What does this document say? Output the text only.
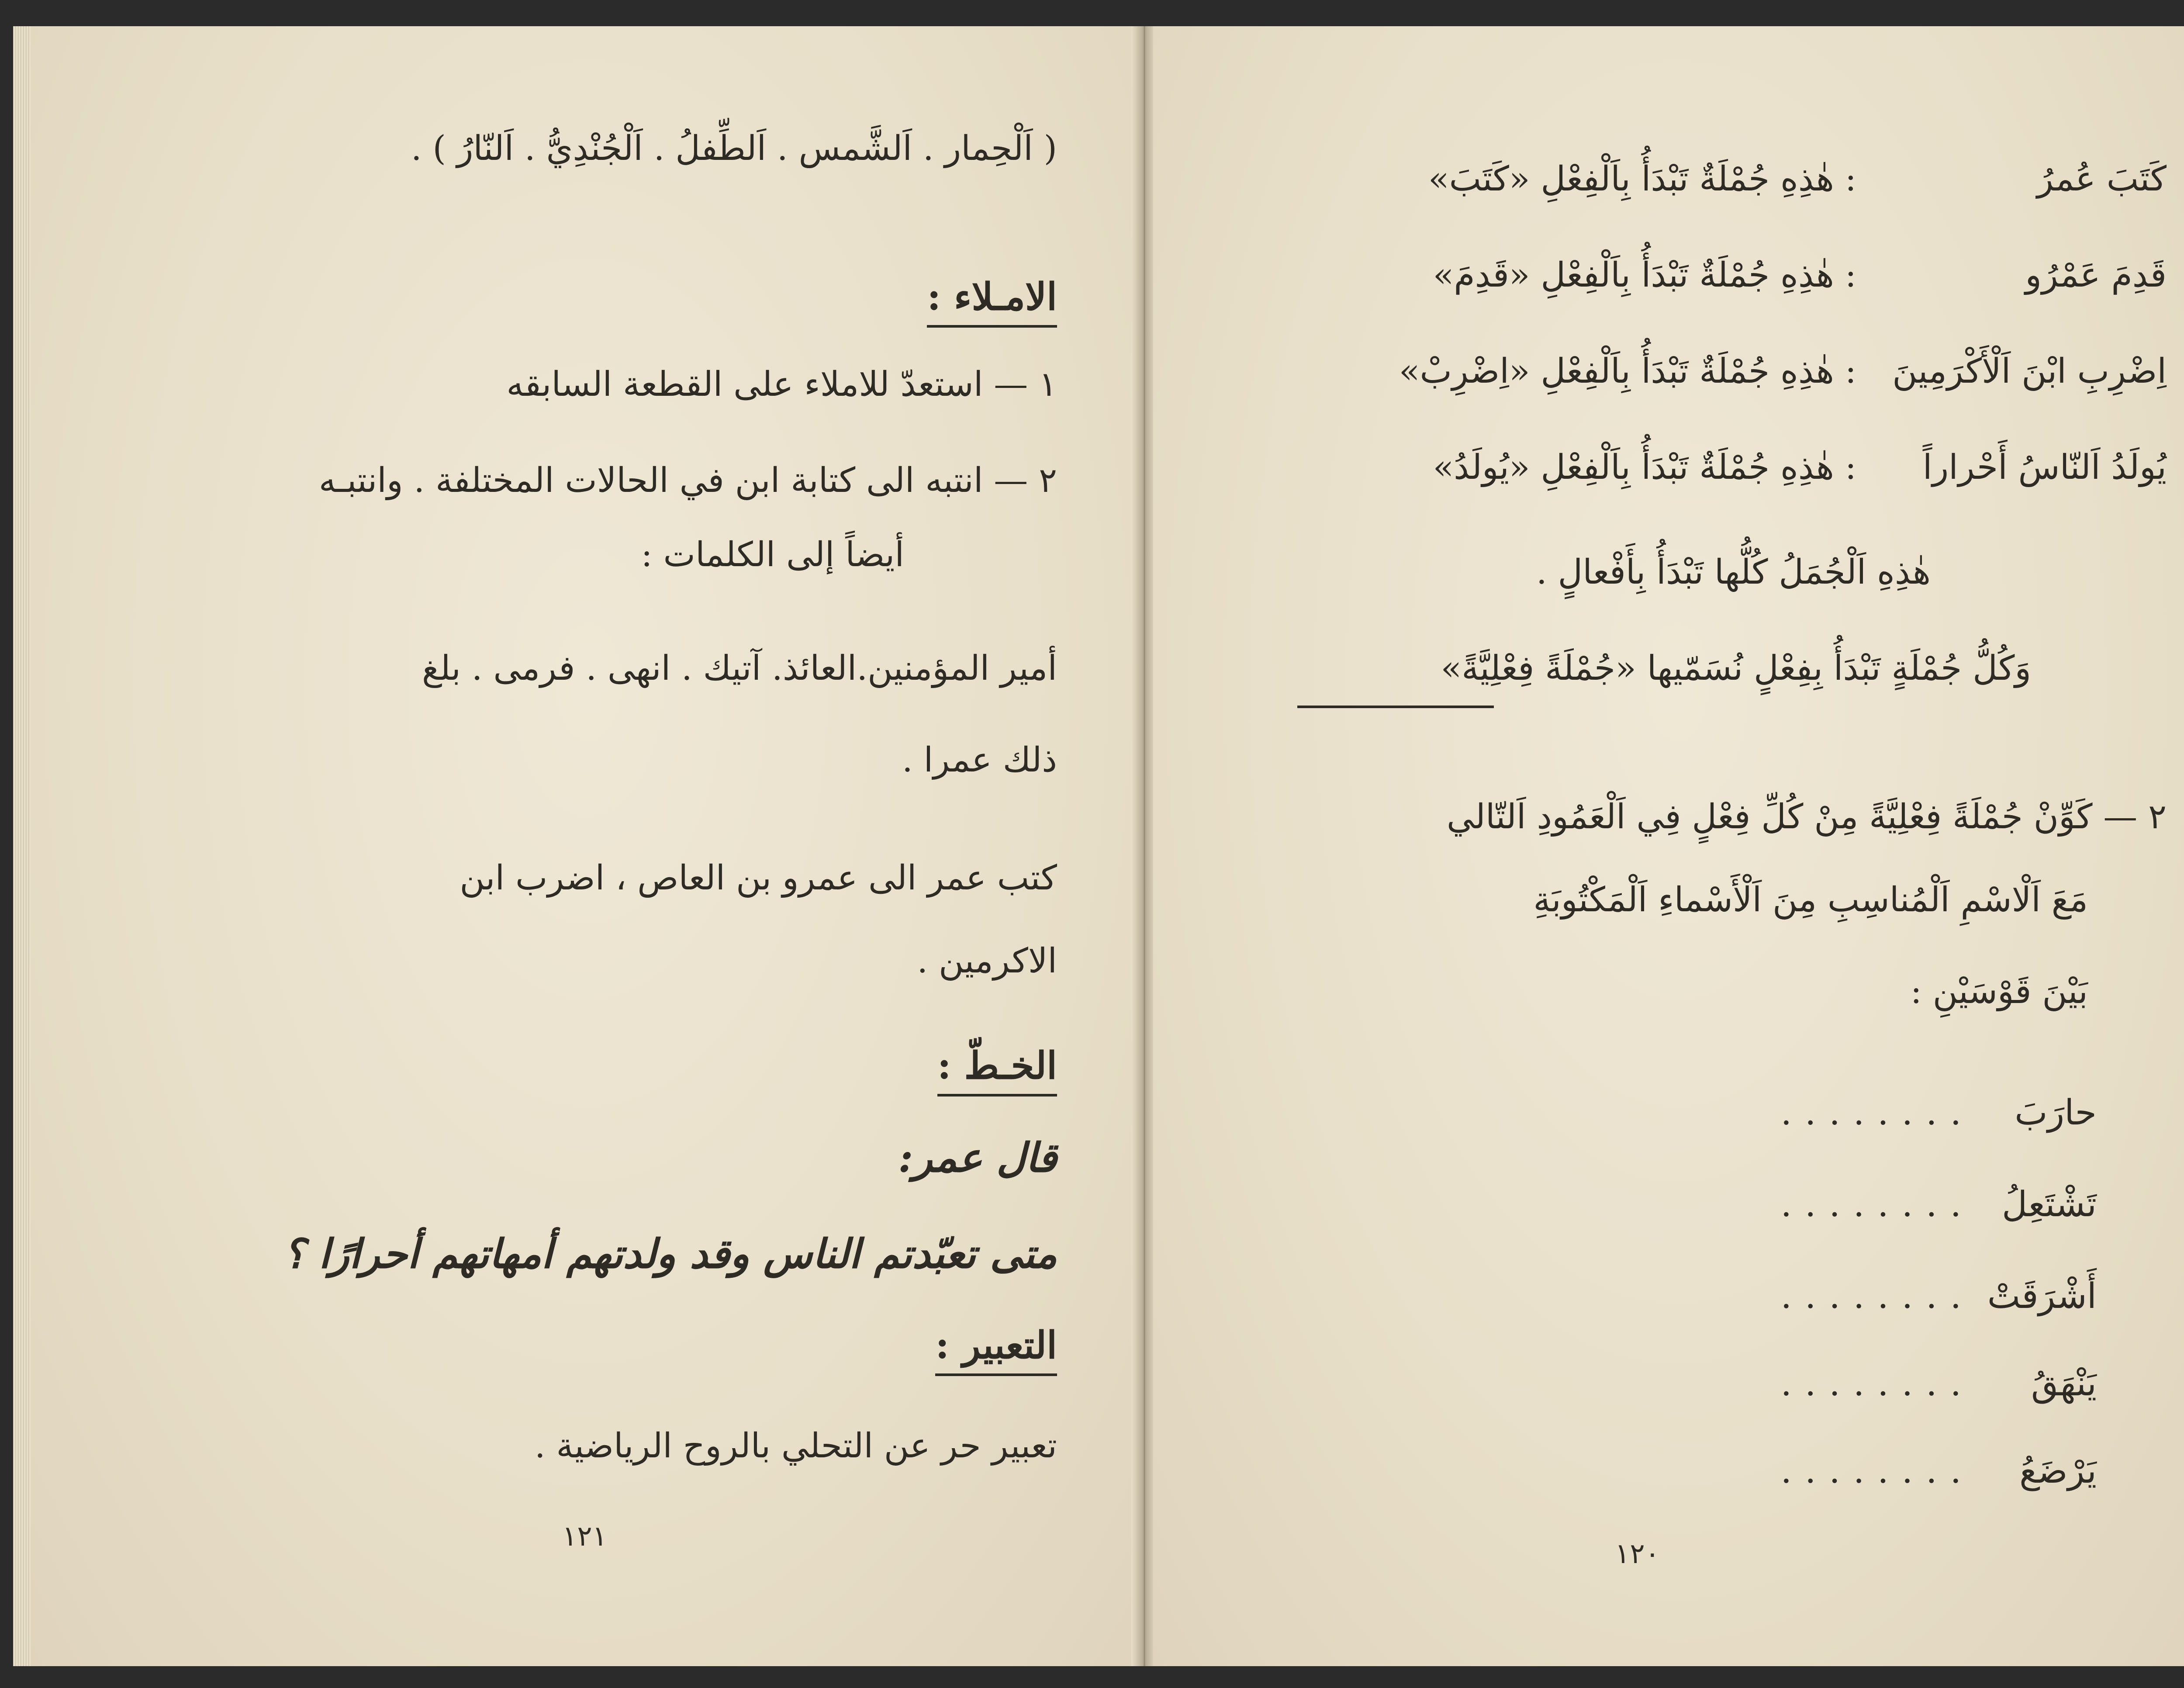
( اَلْحِمار . اَلشَّمس . اَلطِّفلُ . اَلْجُنْدِيُّ . اَلنّارُ ) .
الامـلاء :
١ — استعدّ للاملاء على القطعة السابقه
٢ — انتبه الى كتابة ابن في الحالات المختلفة . وانتبـه
أيضاً إلى الكلمات :
أمير المؤمنين.العائذ. آتيك . انهى . فرمى . بلغ
ذلك عمرا .
كتب عمر الى عمرو بن العاص ، اضرب ابن
الاكرمين .
الخـطّ :
قال عمر:
متى تعبّدتم الناس وقد ولدتهم أمهاتهم أحرارًا ؟
التعبير :
تعبير حر عن التحلي بالروح الرياضية .
١٢١
كَتَبَ عُمرُ
: هٰذِهِ جُمْلَةٌ تَبْدَأُ بِاَلْفِعْلِ «كَتَبَ»
قَدِمَ عَمْرُو
: هٰذِهِ جُمْلَةٌ تَبْدَأُ بِاَلْفِعْلِ «قَدِمَ»
اِضْرِبِ ابْنَ اَلْأَكْرَمِينَ
: هٰذِهِ جُمْلَةٌ تَبْدَأُ بِاَلْفِعْلِ «اِضْرِبْ»
يُولَدُ اَلنّاسُ أَحْراراً
: هٰذِهِ جُمْلَةٌ تَبْدَأُ بِاَلْفِعْلِ «يُولَدُ»
هٰذِهِ اَلْجُمَلُ كُلُّها تَبْدَأُ بِأَفْعالٍ .
وَكُلُّ جُمْلَةٍ تَبْدَأُ بِفِعْلٍ نُسَمّيها «جُمْلَةً فِعْلِيَّةً»
٢ — كَوِّنْ جُمْلَةً فِعْلِيَّةً مِنْ كُلِّ فِعْلٍ فِي اَلْعَمُودِ اَلتّالي
مَعَ اَلْاسْمِ اَلْمُناسِبِ مِنَ اَلْأَسْماءِ اَلْمَكْتُوبَةِ
بَيْنَ قَوْسَيْنِ :
حارَبَ
........
تَشْتَعِلُ
........
أَشْرَقَتْ
........
يَنْهَقُ
........
يَرْضَعُ
........
١٢٠
